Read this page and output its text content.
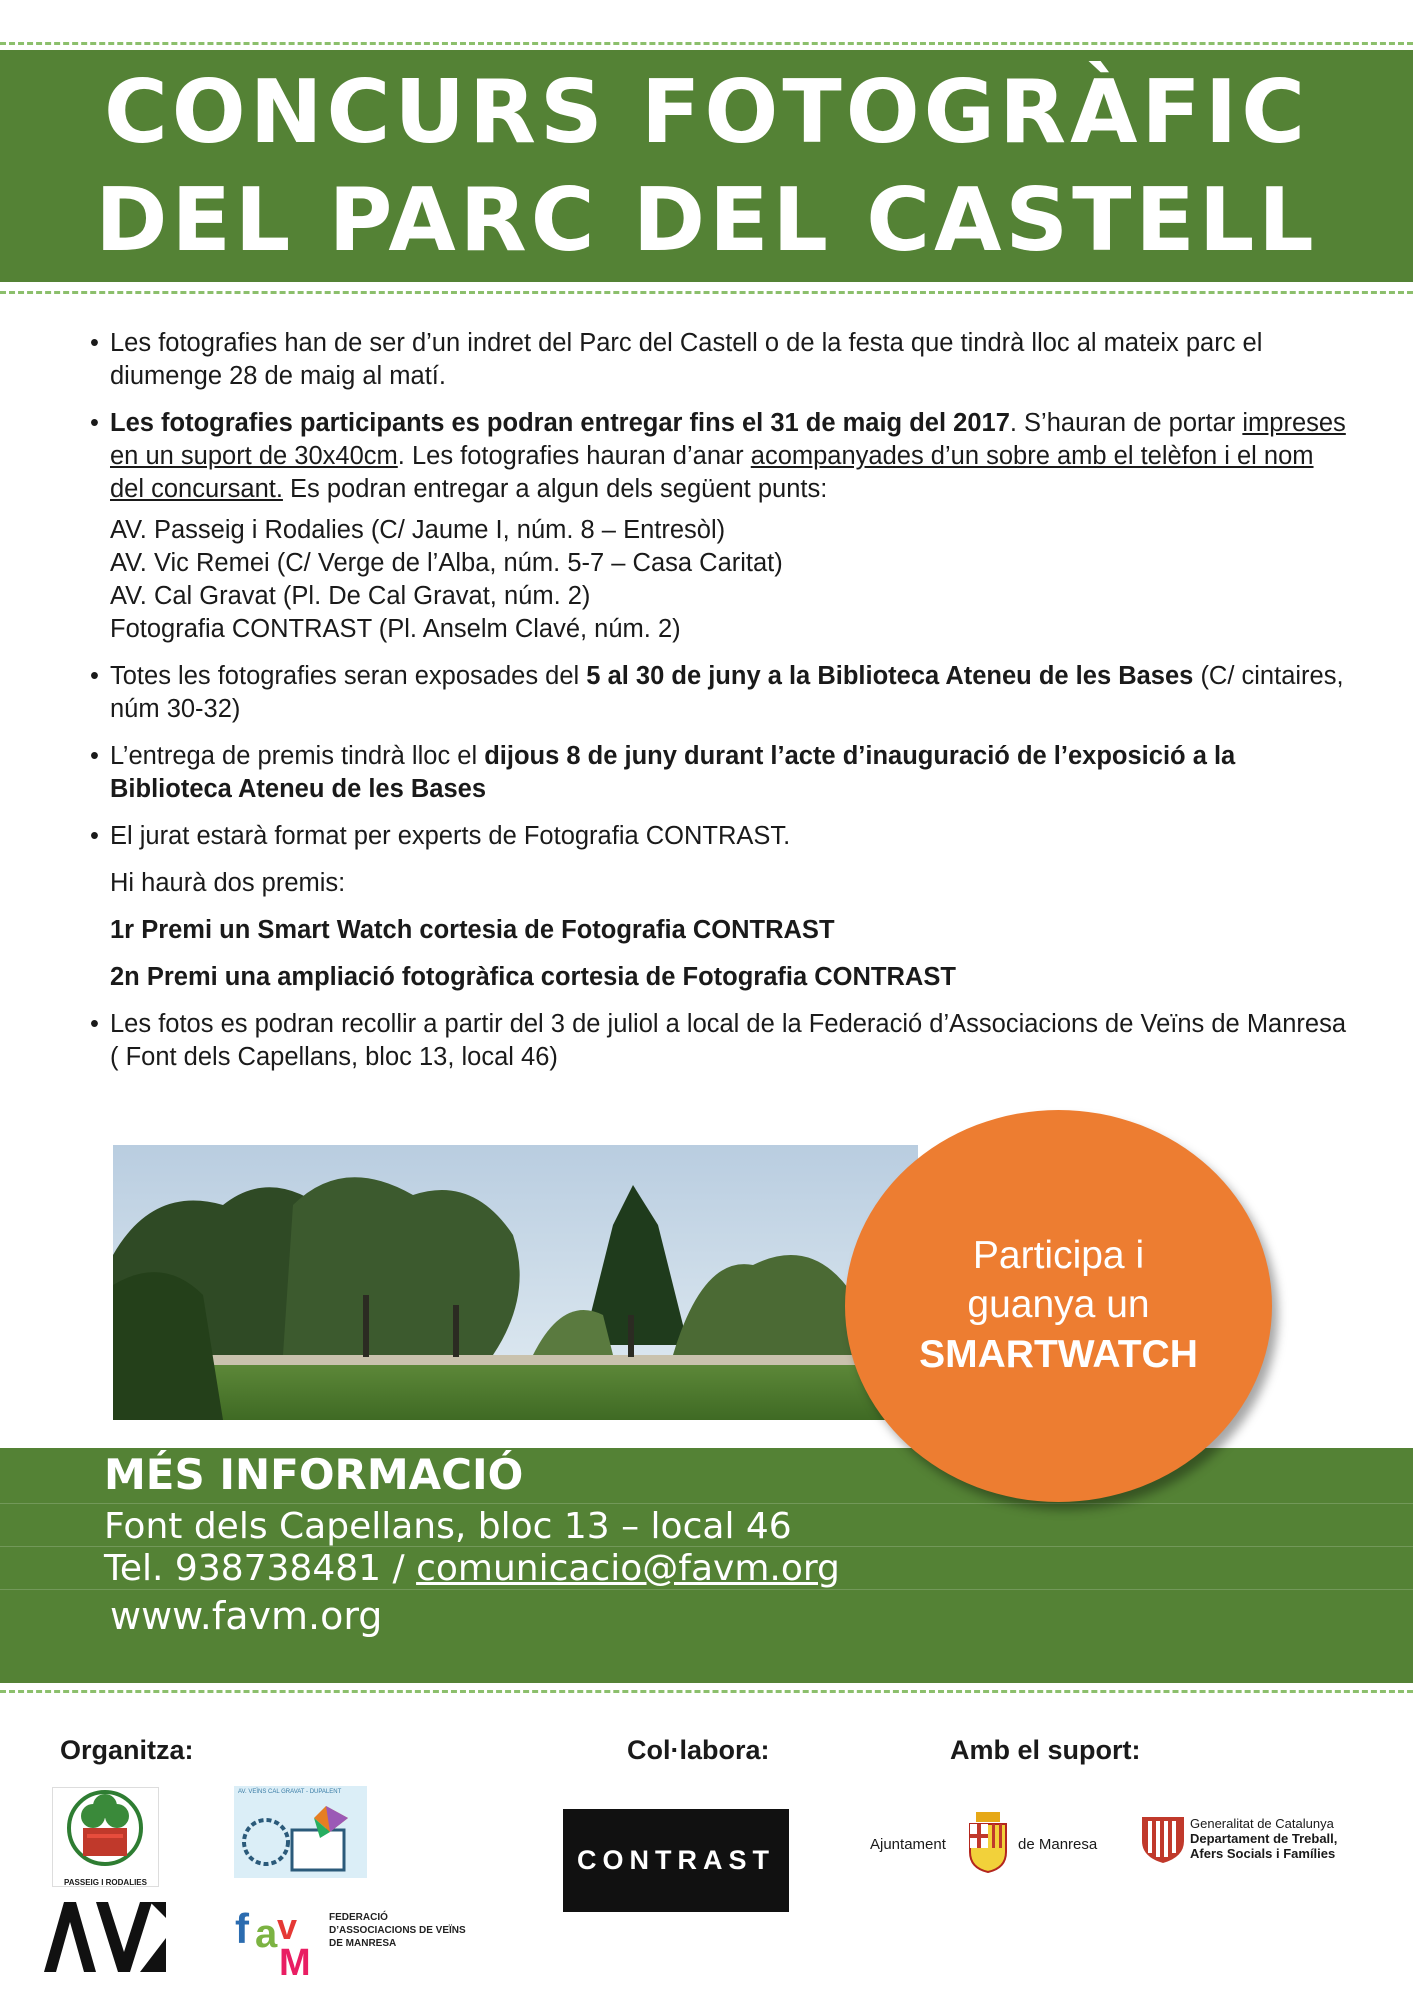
CONCURS FOTOGRÀFIC
DEL PARC DEL CASTELL

• Les fotografies han de ser d’un indret del Parc del Castell o de la festa que tindrà lloc al mateix parc el diumenge 28 de maig al matí.

• Les fotografies participants es podran entregar fins el 31 de maig del 2017. S’hauran de portar impreses en un suport de 30x40cm. Les fotografies hauran d’anar acompanyades d’un sobre amb el telèfon i el nom del concursant. Es podran entregar a algun dels següent punts:

AV. Passeig i Rodalies (C/ Jaume I, núm. 8 – Entresòl)
AV. Vic Remei (C/ Verge de l’Alba, núm. 5-7 – Casa Caritat)
AV. Cal Gravat (Pl. De Cal Gravat, núm. 2)
Fotografia CONTRAST (Pl. Anselm Clavé, núm. 2)

• Totes les fotografies seran exposades del 5 al 30 de juny a la Biblioteca Ateneu de les Bases (C/ cintaires, núm 30-32)

• L’entrega de premis tindrà lloc el dijous 8 de juny durant l’acte d’inauguració de l’exposició a la Biblioteca Ateneu de les Bases

• El jurat estarà format per experts de Fotografia CONTRAST.

Hi haurà dos premis:

1r Premi un Smart Watch cortesia de Fotografia CONTRAST

2n Premi una ampliació fotogràfica cortesia de Fotografia CONTRAST

• Les fotos es podran recollir a partir del 3 de juliol a local de la Federació d’Associacions de Veïns de Manresa ( Font dels Capellans, bloc 13, local 46)

MÉS INFORMACIÓ
Font dels Capellans, bloc 13 – local 46
Tel. 938738481 / comunicacio@favm.org
www.favm.org
Participa i
guanya un
SMARTWATCH
Organitza:	Col·labora:	Amb el suport:
PASSEIG I RODALIES
AV. VEÏNS CAL GRAVAT - DUPALENT
f a v
M
FEDERACIÓ
D’ASSOCIACIONS DE VEÏNS
DE MANRESA
CONTRAST
Ajuntament	de Manresa
Generalitat de Catalunya
Departament de Treball,
Afers Socials i Famílies
